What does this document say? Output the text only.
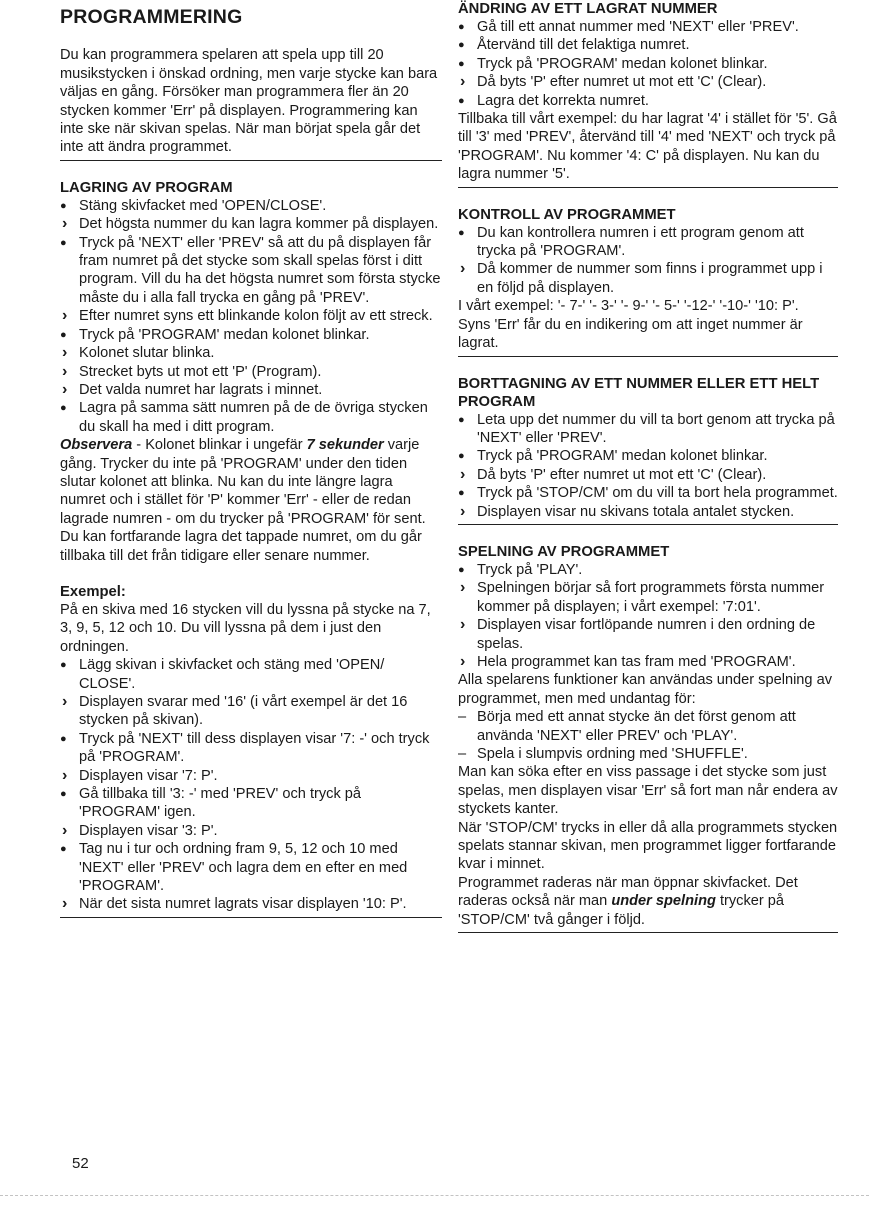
PROGRAMMERING

Du kan programmera spelaren att spela upp till 20 musikstycken i önskad ordning, men varje stycke kan bara väljas en gång. Försöker man programmera fler än 20 stycken kommer 'Err' på displayen. Programmering kan inte ske när skivan spelas. När man börjat spela går det inte att ändra programmet.

LAGRING AV PROGRAM
●
Stäng skivfacket med 'OPEN/CLOSE'.
›
Det högsta nummer du kan lagra kommer på displayen.
●
Tryck på 'NEXT' eller 'PREV' så att du på displayen får fram numret på det stycke som skall spelas först i ditt program. Vill du ha det högsta numret som första stycke måste du i alla fall trycka en gång på 'PREV'.
›
Efter numret syns ett blinkande kolon följt av ett streck.
●
Tryck på 'PROGRAM' medan kolonet blinkar.
›
Kolonet slutar blinka.
›
Strecket byts ut mot ett 'P' (Program).
›
Det valda numret har lagrats i minnet.
●
Lagra på samma sätt numren på de de övriga stycken du skall ha med i ditt program.

Observera - Kolonet blinkar i ungefär 7 sekunder varje gång. Trycker du inte på 'PROGRAM' under den tiden slutar kolonet att blinka. Nu kan du inte längre lagra numret och i stället för 'P' kommer 'Err' - eller de redan lagrade numren - om du trycker på 'PROGRAM' för sent. Du kan fortfarande lagra det tappade numret, om du går tillbaka till det från tidigare eller senare nummer.

Exempel:

På en skiva med 16 stycken vill du lyssna på stycke na 7, 3, 9, 5, 12 och 10. Du vill lyssna på dem i just den ordningen.

●
Lägg skivan i skivfacket och stäng med 'OPEN/ CLOSE'.
›
Displayen svarar med '16' (i vårt exempel är det 16 stycken på skivan).
●
Tryck på 'NEXT' till dess displayen visar '7: -' och tryck på 'PROGRAM'.
›
Displayen visar '7: P'.
●
Gå tillbaka till '3: -' med 'PREV' och tryck på 'PROGRAM' igen.
›
Displayen visar '3: P'.
●
Tag nu i tur och ordning fram 9, 5, 12 och 10 med 'NEXT' eller 'PREV' och lagra dem en efter en med 'PROGRAM'.
›
När det sista numret lagrats visar displayen '10: P'.
ÄNDRING AV ETT LAGRAT NUMMER
●
Gå till ett annat nummer med 'NEXT' eller 'PREV'.
●
Återvänd till det felaktiga numret.
●
Tryck på 'PROGRAM' medan kolonet blinkar.
›
Då byts 'P' efter numret ut mot ett 'C' (Clear).
●
Lagra det korrekta numret.

Tillbaka till vårt exempel: du har lagrat '4' i stället för '5'. Gå till '3' med 'PREV', återvänd till '4' med 'NEXT' och tryck på 'PROGRAM'. Nu kommer '4: C' på displayen. Nu kan du lagra nummer '5'.

KONTROLL AV PROGRAMMET
●
Du kan kontrollera numren i ett program genom att trycka på 'PROGRAM'.
›
Då kommer de nummer som finns i programmet upp i en följd på displayen.

I vårt exempel: '- 7-' '- 3-' '- 9-' '- 5-' '-12-' '-10-' '10: P'.

Syns 'Err' får du en indikering om att inget nummer är lagrat.

BORTTAGNING AV ETT NUMMER ELLER ETT HELT PROGRAM
●
Leta upp det nummer du vill ta bort genom att trycka på 'NEXT' eller 'PREV'.
●
Tryck på 'PROGRAM' medan kolonet blinkar.
›
Då byts 'P' efter numret ut mot ett 'C' (Clear).
●
Tryck på 'STOP/CM' om du vill ta bort hela programmet.
›
Displayen visar nu skivans totala antalet stycken.
SPELNING AV PROGRAMMET
●
Tryck på 'PLAY'.
›
Spelningen börjar så fort programmets första nummer kommer på displayen; i vårt exempel: '7:01'.
›
Displayen visar fortlöpande numren i den ordning de spelas.
›
Hela programmet kan tas fram med 'PROGRAM'.

Alla spelarens funktioner kan användas under spelning av programmet, men med undantag för:

–
Börja med ett annat stycke än det först genom att använda 'NEXT' eller PREV' och 'PLAY'.
–
Spela i slumpvis ordning med 'SHUFFLE'.

Man kan söka efter en viss passage i det stycke som just spelas, men displayen visar 'Err' så fort man når endera av styckets kanter.

När 'STOP/CM' trycks in eller då alla programmets stycken spelats stannar skivan, men programmet ligger fortfarande kvar i minnet.

Programmet raderas när man öppnar skivfacket. Det raderas också när man under spelning trycker på 'STOP/CM' två gånger i följd.

52
